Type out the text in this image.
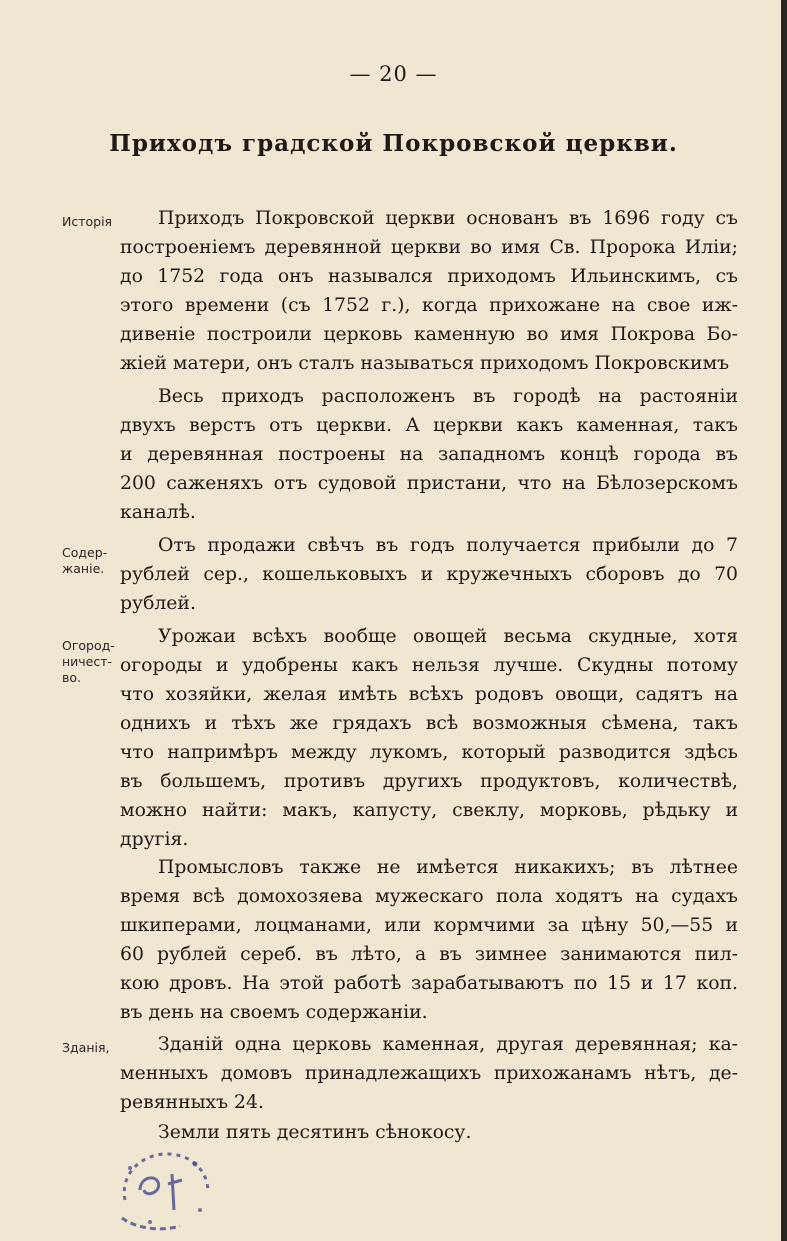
— 20 —
Приходъ градской Покровской церкви.
Исторія
Содер-
жаніе.
Огород-
ничест-
во.
Зданія,
Приходъ Покровской церкви основанъ въ 1696 году съ
построеніемъ деревянной церкви во имя Св. Пророка Иліи;
до 1752 года онъ назывался приходомъ Ильинскимъ, съ
этого времени (съ 1752 г.), когда прихожане на свое иж-
дивеніе построили церковь каменную во имя Покрова Бо-
жіей матери, онъ сталъ называться приходомъ Покровскимъ
Весь приходъ расположенъ въ городѣ на растояніи
двухъ верстъ отъ церкви. А церкви какъ каменная, такъ
и деревянная построены на западномъ концѣ города въ
200 саженяхъ отъ судовой пристани, что на Бѣлозерскомъ
каналѣ.
Отъ продажи свѣчъ въ годъ получается прибыли до 7
рублей сер., кошельковыхъ и кружечныхъ сборовъ до 70
рублей.
Урожаи всѣхъ вообще овощей весьма скудные, хотя
огороды и удобрены какъ нельзя лучше. Скудны потому
что хозяйки, желая имѣть всѣхъ родовъ овощи, садятъ на
однихъ и тѣхъ же грядахъ всѣ возможныя сѣмена, такъ
что напримѣръ между лукомъ, который разводится здѣсь
въ большемъ, противъ другихъ продуктовъ, количествѣ,
можно найти: макъ, капусту, свеклу, морковь, рѣдьку и
другія.
Промысловъ также не имѣется никакихъ; въ лѣтнее
время всѣ домохозяева мужескаго пола ходятъ на судахъ
шкиперами, лоцманами, или кормчими за цѣну 50,—55 и
60 рублей сереб. въ лѣто, а въ зимнее занимаются пил-
кою дровъ. На этой работѣ зарабатываютъ по 15 и 17 коп.
въ день на своемъ содержаніи.
Зданій одна церковь каменная, другая деревянная; ка-
менныхъ домовъ принадлежащихъ прихожанамъ нѣтъ, де-
ревянныхъ 24.
Земли пять десятинъ сѣнокосу.
